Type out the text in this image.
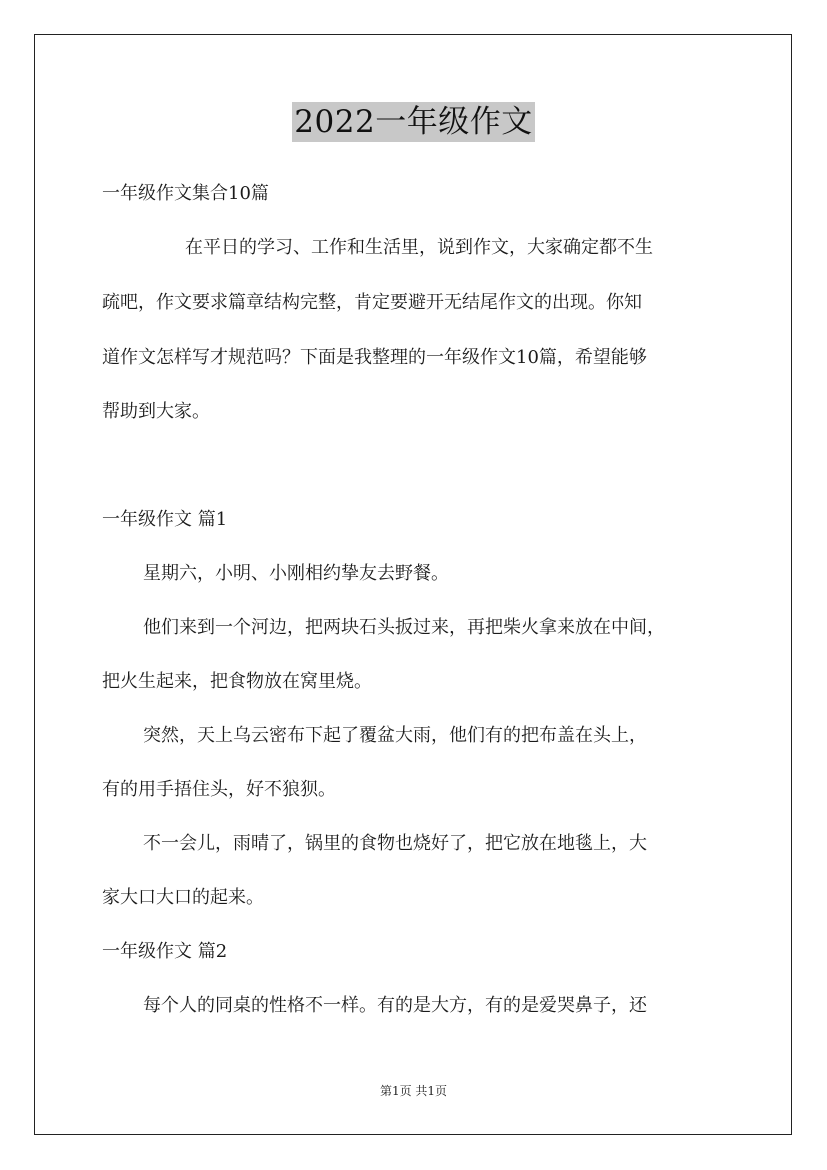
2022一年级作文
一年级作文集合10篇
在平日的学习、工作和生活里，说到作文，大家确定都不生
疏吧，作文要求篇章结构完整，肯定要避开无结尾作文的出现。你知
道作文怎样写才规范吗？下面是我整理的一年级作文10篇，希望能够
帮助到大家。
一年级作文 篇1
星期六，小明、小刚相约挚友去野餐。
他们来到一个河边，把两块石头扳过来，再把柴火拿来放在中间，
把火生起来，把食物放在窝里烧。
突然，天上乌云密布下起了覆盆大雨，他们有的把布盖在头上，
有的用手捂住头，好不狼狈。
不一会儿，雨晴了，锅里的食物也烧好了，把它放在地毯上，大
家大口大口的起来。
一年级作文 篇2
每个人的同桌的性格不一样。有的是大方，有的是爱哭鼻子，还
第1页 共1页
